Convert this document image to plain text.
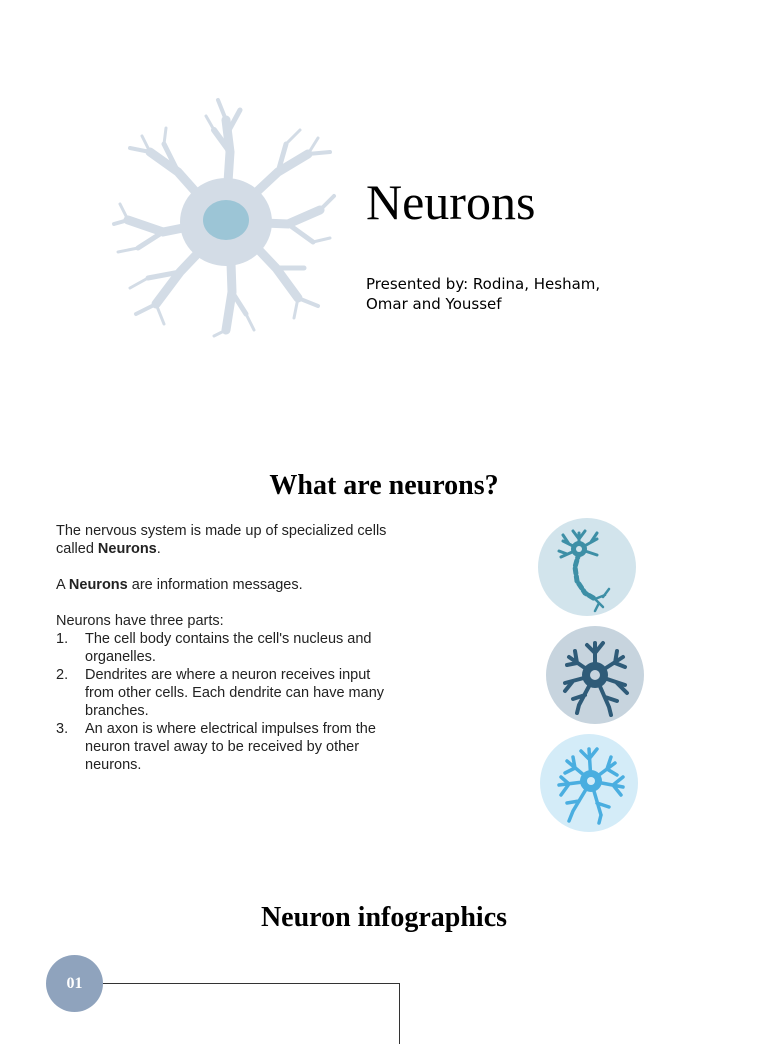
Neurons
Presented by: Rodina, Hesham,
Omar and Youssef
What are neurons?

The nervous system is made up of specialized cells
called Neurons.

A Neurons are information messages.

Neurons have three parts:

1. The cell body contains the cell's nucleus and
organelles.
2. Dendrites are where a neuron receives input
from other cells. Each dendrite can have many
branches.
3. An axon is where electrical impulses from the
neuron travel away to be received by other
neurons.
Neuron infographics
01
